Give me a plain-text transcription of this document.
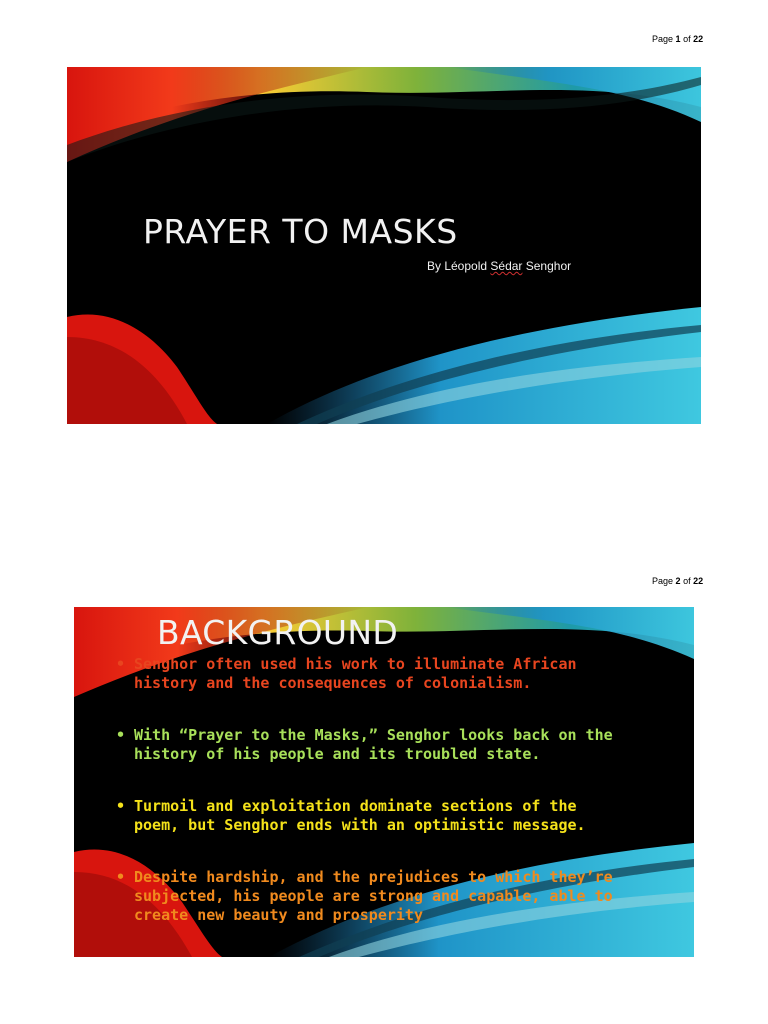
Page 1 of 22
PRAYER TO MASKS
By Léopold Sédar Senghor
Page 2 of 22
BACKGROUND
• Senghor often used his work to illuminate African history and the consequences of colonialism.
• With “Prayer to the Masks,” Senghor looks back on the history of his people and its troubled state.
• Turmoil and exploitation dominate sections of the poem, but Senghor ends with an optimistic message.
• Despite hardship, and the prejudices to which they’re subjected, his people are strong and capable, able to create new beauty and prosperity
